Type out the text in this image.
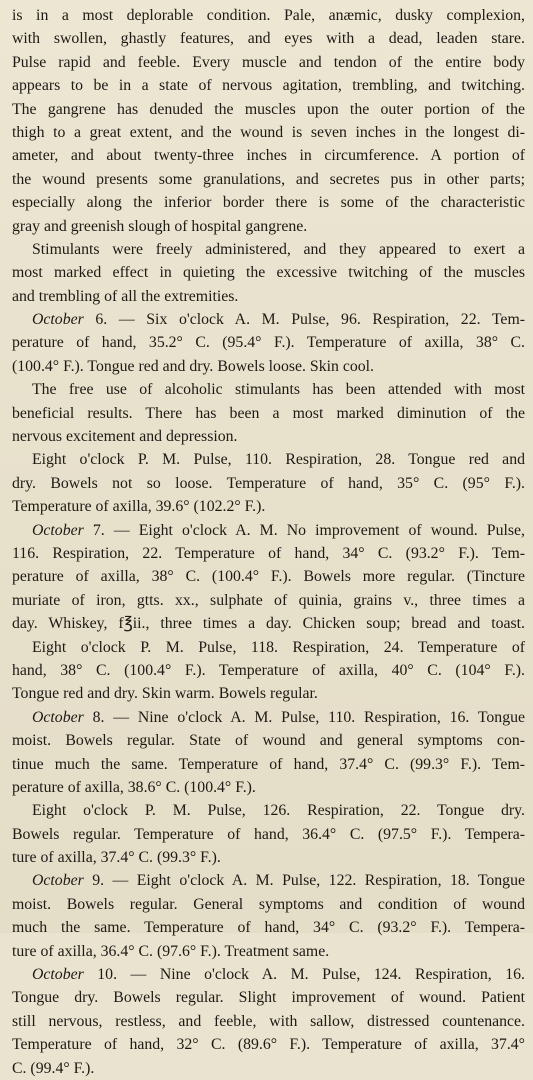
is in a most deplorable condition. Pale, anæmic, dusky complexion,
with swollen, ghastly features, and eyes with a dead, leaden stare.
Pulse rapid and feeble. Every muscle and tendon of the entire body
appears to be in a state of nervous agitation, trembling, and twitching.
The gangrene has denuded the muscles upon the outer portion of the
thigh to a great extent, and the wound is seven inches in the longest di-
ameter, and about twenty-three inches in circumference. A portion of
the wound presents some granulations, and secretes pus in other parts;
especially along the inferior border there is some of the characteristic
gray and greenish slough of hospital gangrene.
Stimulants were freely administered, and they appeared to exert a
most marked effect in quieting the excessive twitching of the muscles
and trembling of all the extremities.
October 6. — Six o'clock A. M. Pulse, 96. Respiration, 22. Tem-
perature of hand, 35.2° C. (95.4° F.). Temperature of axilla, 38° C.
(100.4° F.). Tongue red and dry. Bowels loose. Skin cool.
The free use of alcoholic stimulants has been attended with most
beneficial results. There has been a most marked diminution of the
nervous excitement and depression.
Eight o'clock P. M. Pulse, 110. Respiration, 28. Tongue red and
dry. Bowels not so loose. Temperature of hand, 35° C. (95° F.).
Temperature of axilla, 39.6° (102.2° F.).
October 7. — Eight o'clock A. M. No improvement of wound. Pulse,
116. Respiration, 22. Temperature of hand, 34° C. (93.2° F.). Tem-
perature of axilla, 38° C. (100.4° F.). Bowels more regular. (Tincture
muriate of iron, gtts. xx., sulphate of quinia, grains v., three times a
day. Whiskey, f℥ii., three times a day. Chicken soup; bread and toast.
Eight o'clock P. M. Pulse, 118. Respiration, 24. Temperature of
hand, 38° C. (100.4° F.). Temperature of axilla, 40° C. (104° F.).
Tongue red and dry. Skin warm. Bowels regular.
October 8. — Nine o'clock A. M. Pulse, 110. Respiration, 16. Tongue
moist. Bowels regular. State of wound and general symptoms con-
tinue much the same. Temperature of hand, 37.4° C. (99.3° F.). Tem-
perature of axilla, 38.6° C. (100.4° F.).
Eight o'clock P. M. Pulse, 126. Respiration, 22. Tongue dry.
Bowels regular. Temperature of hand, 36.4° C. (97.5° F.). Tempera-
ture of axilla, 37.4° C. (99.3° F.).
October 9. — Eight o'clock A. M. Pulse, 122. Respiration, 18. Tongue
moist. Bowels regular. General symptoms and condition of wound
much the same. Temperature of hand, 34° C. (93.2° F.). Tempera-
ture of axilla, 36.4° C. (97.6° F.). Treatment same.
October 10. — Nine o'clock A. M. Pulse, 124. Respiration, 16.
Tongue dry. Bowels regular. Slight improvement of wound. Patient
still nervous, restless, and feeble, with sallow, distressed countenance.
Temperature of hand, 32° C. (89.6° F.). Temperature of axilla, 37.4°
C. (99.4° F.).
